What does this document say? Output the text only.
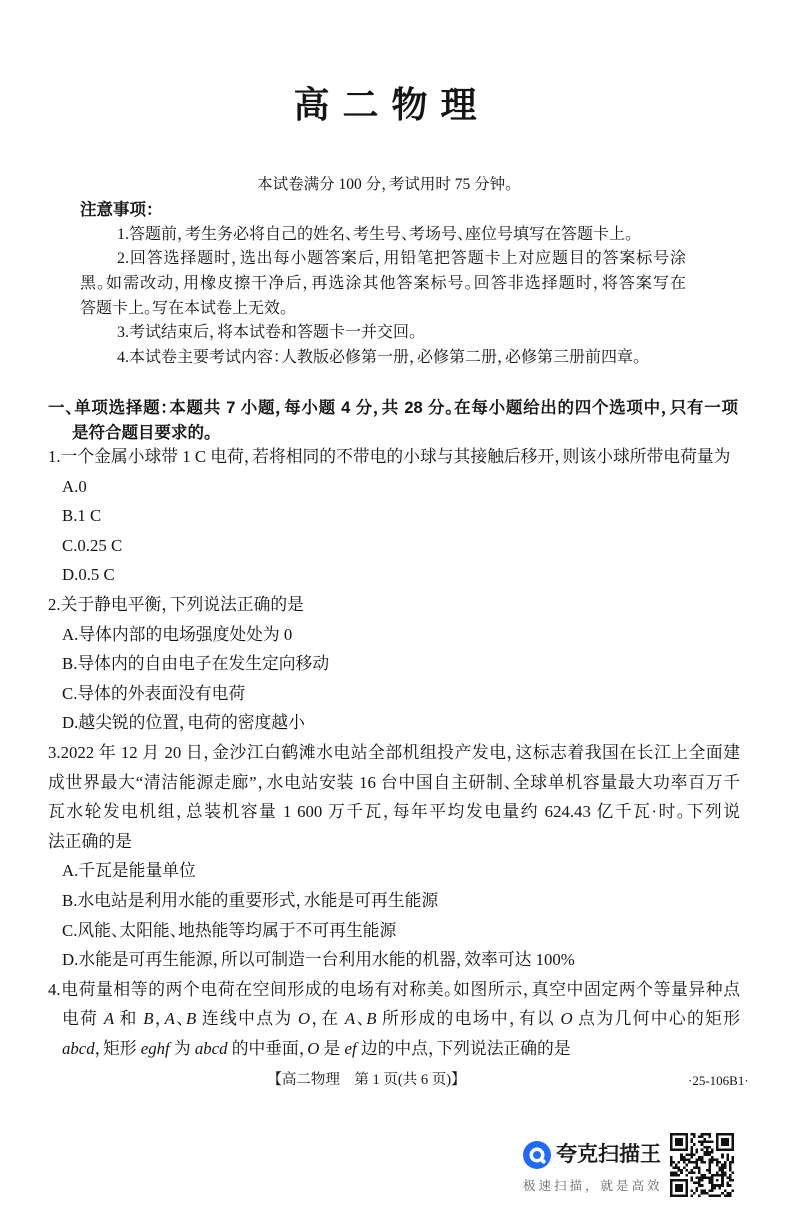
高二物理
本试卷满分 100 分，考试用时 75 分钟。
注意事项：
1.答题前，考生务必将自己的姓名、考生号、考场号、座位号填写在答题卡上。
2.回答选择题时，选出每小题答案后，用铅笔把答题卡上对应题目的答案标号涂
黑。如需改动，用橡皮擦干净后，再选涂其他答案标号。回答非选择题时，将答案写在
答题卡上。写在本试卷上无效。
3.考试结束后，将本试卷和答题卡一并交回。
4.本试卷主要考试内容：人教版必修第一册，必修第二册，必修第三册前四章。
一、单项选择题：本题共 7 小题，每小题 4 分，共 28 分。在每小题给出的四个选项中，只有一项
是符合题目要求的。
1.一个金属小球带 1 C 电荷，若将相同的不带电的小球与其接触后移开，则该小球所带电荷量为
A.0
B.1 C
C.0.25 C
D.0.5 C
2.关于静电平衡，下列说法正确的是
A.导体内部的电场强度处处为 0
B.导体内的自由电子在发生定向移动
C.导体的外表面没有电荷
D.越尖锐的位置，电荷的密度越小
3.2022 年 12 月 20 日，金沙江白鹤滩水电站全部机组投产发电，这标志着我国在长江上全面建
成世界最大“清洁能源走廊”，水电站安装 16 台中国自主研制、全球单机容量最大功率百万千
瓦水轮发电机组，总装机容量 1 600 万千瓦，每年平均发电量约 624.43 亿千瓦·时。下列说
法正确的是
A.千瓦是能量单位
B.水电站是利用水能的重要形式，水能是可再生能源
C.风能、太阳能、地热能等均属于不可再生能源
D.水能是可再生能源，所以可制造一台利用水能的机器，效率可达 100%
4.电荷量相等的两个电荷在空间形成的电场有对称美。如图所示，真空中固定两个等量异种点
电荷 A 和 B，A、B 连线中点为 O，在 A、B 所形成的电场中，有以 O 点为几何中心的矩形
abcd，矩形 eghf 为 abcd 的中垂面，O 是 ef 边的中点，下列说法正确的是
【高二物理　第 1 页(共 6 页)】	·25-106B1·
夸克扫描王
极速扫描，就是高效
